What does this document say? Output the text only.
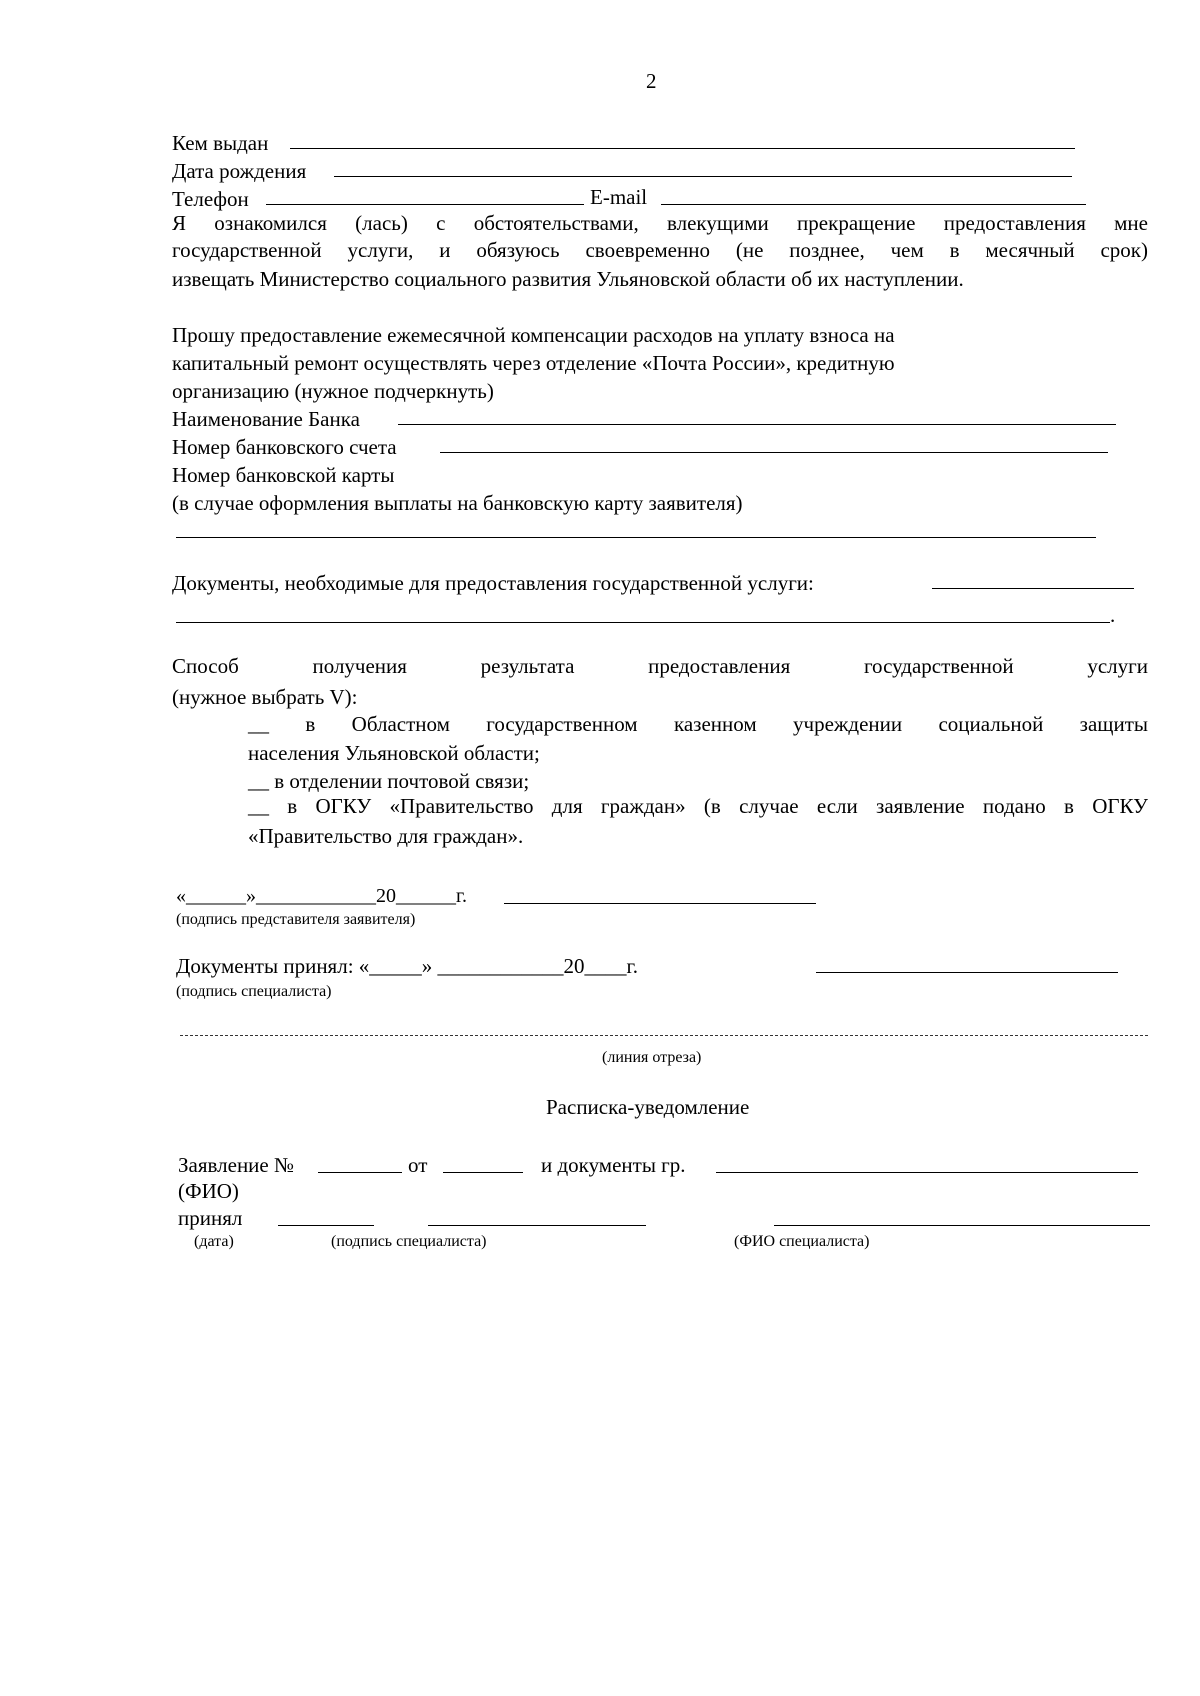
2
Кем выдан
Дата рождения
Телефон	E-mail
Я ознакомился (лась) с обстоятельствами, влекущими прекращение предоставления мне
государственной услуги, и обязуюсь своевременно (не позднее, чем в месячный срок)
извещать Министерство социального развития Ульяновской области об их наступлении.
Прошу предоставление ежемесячной компенсации расходов на уплату взноса на
капитальный ремонт осуществлять через отделение «Почта России», кредитную
организацию (нужное подчеркнуть)
Наименование Банка
Номер банковского счета
Номер банковской карты
(в случае оформления выплаты на банковскую карту заявителя)
Документы, необходимые для предоставления государственной услуги:
.
Способ получения результата предоставления государственной услуги
(нужное выбрать V):
__ в Областном государственном казенном учреждении социальной защиты
населения Ульяновской области;
__ в отделении почтовой связи;
__ в ОГКУ «Правительство для граждан» (в случае если заявление подано в ОГКУ
«Правительство для граждан».
«______»____________20______г.
(подпись представителя заявителя)
Документы принял: «_____» ____________20____г.
(подпись специалиста)
(линия отреза)
Расписка-уведомление
Заявление №	от	и документы гр.
(ФИО)
принял
(дата)	(подпись специалиста)	(ФИО специалиста)
